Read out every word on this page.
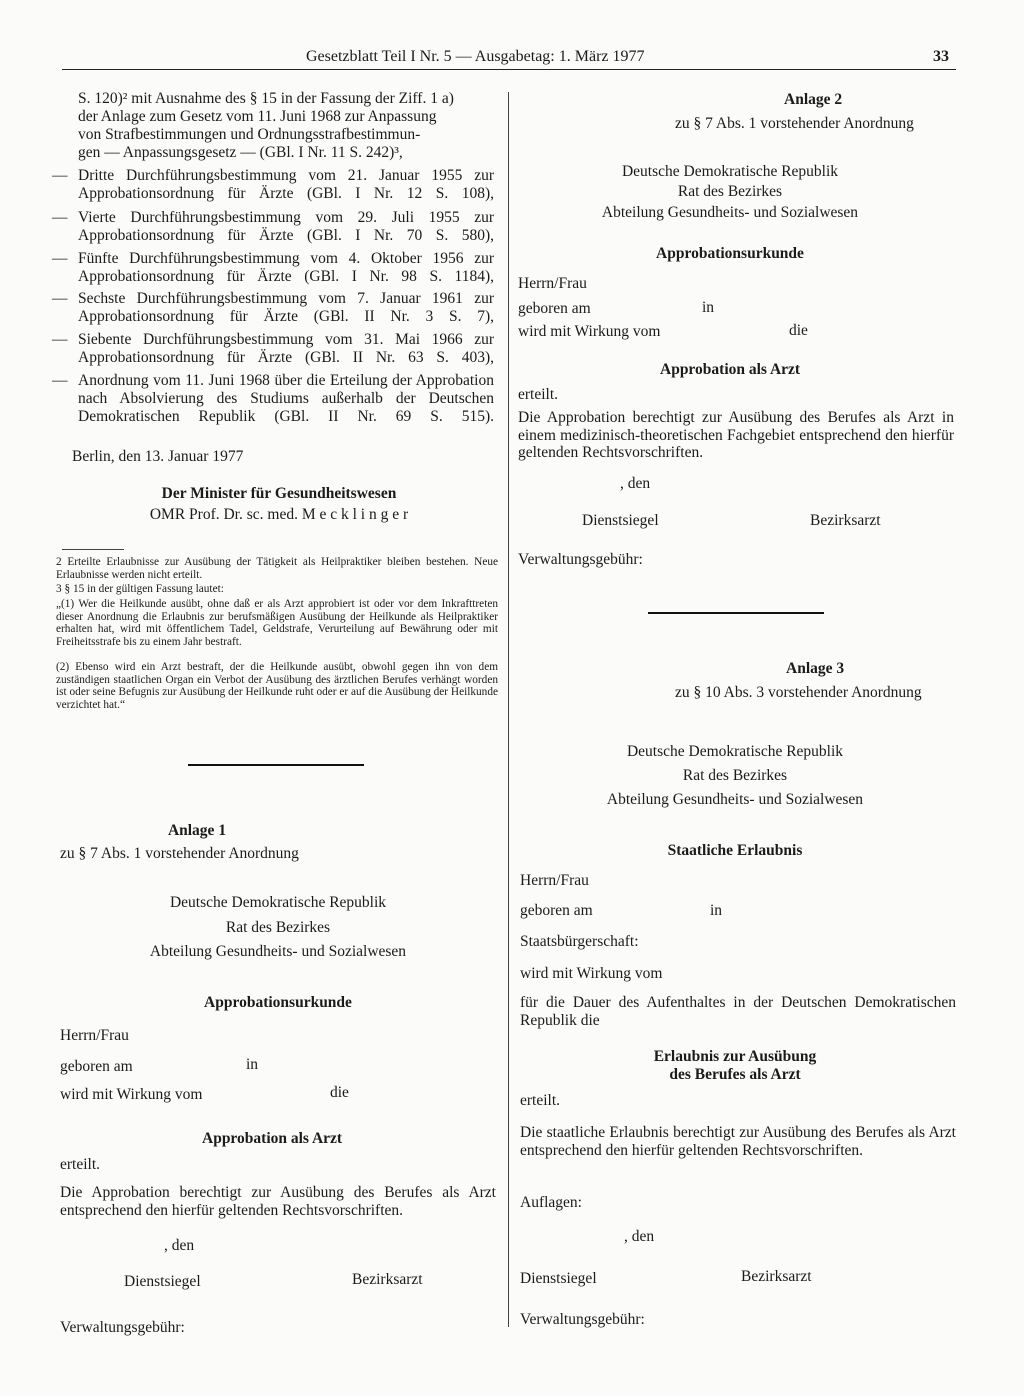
Gesetzblatt Teil I Nr. 5 — Ausgabetag: 1. März 1977	33
S. 120)² mit Ausnahme des § 15 in der Fassung der Ziff. 1 a)
der Anlage zum Gesetz vom 11. Juni 1968 zur Anpassung
von Strafbestimmungen und Ordnungsstrafbestimmun-
gen — Anpassungsgesetz — (GBl. I Nr. 11 S. 242)³,
— Dritte Durchführungsbestimmung vom 21. Januar 1955 zur Approbationsordnung für Ärzte (GBl. I Nr. 12 S. 108),
— Vierte Durchführungsbestimmung vom 29. Juli 1955 zur Approbationsordnung für Ärzte (GBl. I Nr. 70 S. 580),
— Fünfte Durchführungsbestimmung vom 4. Oktober 1956 zur Approbationsordnung für Ärzte (GBl. I Nr. 98 S. 1184),
— Sechste Durchführungsbestimmung vom 7. Januar 1961 zur Approbationsordnung für Ärzte (GBl. II Nr. 3 S. 7),
— Siebente Durchführungsbestimmung vom 31. Mai 1966 zur Approbationsordnung für Ärzte (GBl. II Nr. 63 S. 403),
— Anordnung vom 11. Juni 1968 über die Erteilung der Approbation nach Absolvierung des Studiums außerhalb der Deutschen Demokratischen Republik (GBl. II Nr. 69 S. 515).
Berlin, den 13. Januar 1977
Der Minister für Gesundheitswesen
OMR Prof. Dr. sc. med. M e c k l i n g e r
2 Erteilte Erlaubnisse zur Ausübung der Tätigkeit als Heilpraktiker bleiben bestehen. Neue Erlaubnisse werden nicht erteilt.
3 § 15 in der gültigen Fassung lautet:
„(1) Wer die Heilkunde ausübt, ohne daß er als Arzt approbiert ist oder vor dem Inkrafttreten dieser Anordnung die Erlaubnis zur berufsmäßigen Ausübung der Heilkunde als Heilpraktiker erhalten hat, wird mit öffentlichem Tadel, Geldstrafe, Verurteilung auf Bewährung oder mit Freiheitsstrafe bis zu einem Jahr bestraft.
(2) Ebenso wird ein Arzt bestraft, der die Heilkunde ausübt, obwohl gegen ihn von dem zuständigen staatlichen Organ ein Verbot der Ausübung des ärztlichen Berufes verhängt worden ist oder seine Befugnis zur Ausübung der Heilkunde ruht oder er auf die Ausübung der Heilkunde verzichtet hat.“
Anlage 1
zu § 7 Abs. 1 vorstehender Anordnung
Deutsche Demokratische Republik
Rat des Bezirkes
Abteilung Gesundheits- und Sozialwesen
Approbationsurkunde
Herrn/Frau
geboren am	in
wird mit Wirkung vom	die
Approbation als Arzt
erteilt.
Die Approbation berechtigt zur Ausübung des Berufes als Arzt entsprechend den hierfür geltenden Rechtsvorschriften.
, den
Dienstsiegel	Bezirksarzt
Verwaltungsgebühr:
Anlage 2
zu § 7 Abs. 1 vorstehender Anordnung
Deutsche Demokratische Republik
Rat des Bezirkes
Abteilung Gesundheits- und Sozialwesen
Approbationsurkunde
Herrn/Frau
geboren am	in
wird mit Wirkung vom	die
Approbation als Arzt
erteilt.
Die Approbation berechtigt zur Ausübung des Berufes als Arzt in einem medizinisch-theoretischen Fachgebiet entsprechend den hierfür geltenden Rechtsvorschriften.
, den
Dienstsiegel	Bezirksarzt
Verwaltungsgebühr:
Anlage 3
zu § 10 Abs. 3 vorstehender Anordnung
Deutsche Demokratische Republik
Rat des Bezirkes
Abteilung Gesundheits- und Sozialwesen
Staatliche Erlaubnis
Herrn/Frau
geboren am	in
Staatsbürgerschaft:
wird mit Wirkung vom
für die Dauer des Aufenthaltes in der Deutschen Demokratischen Republik die
Erlaubnis zur Ausübung
des Berufes als Arzt
erteilt.
Die staatliche Erlaubnis berechtigt zur Ausübung des Berufes als Arzt entsprechend den hierfür geltenden Rechtsvorschriften.
Auflagen:
, den
Dienstsiegel	Bezirksarzt
Verwaltungsgebühr:
